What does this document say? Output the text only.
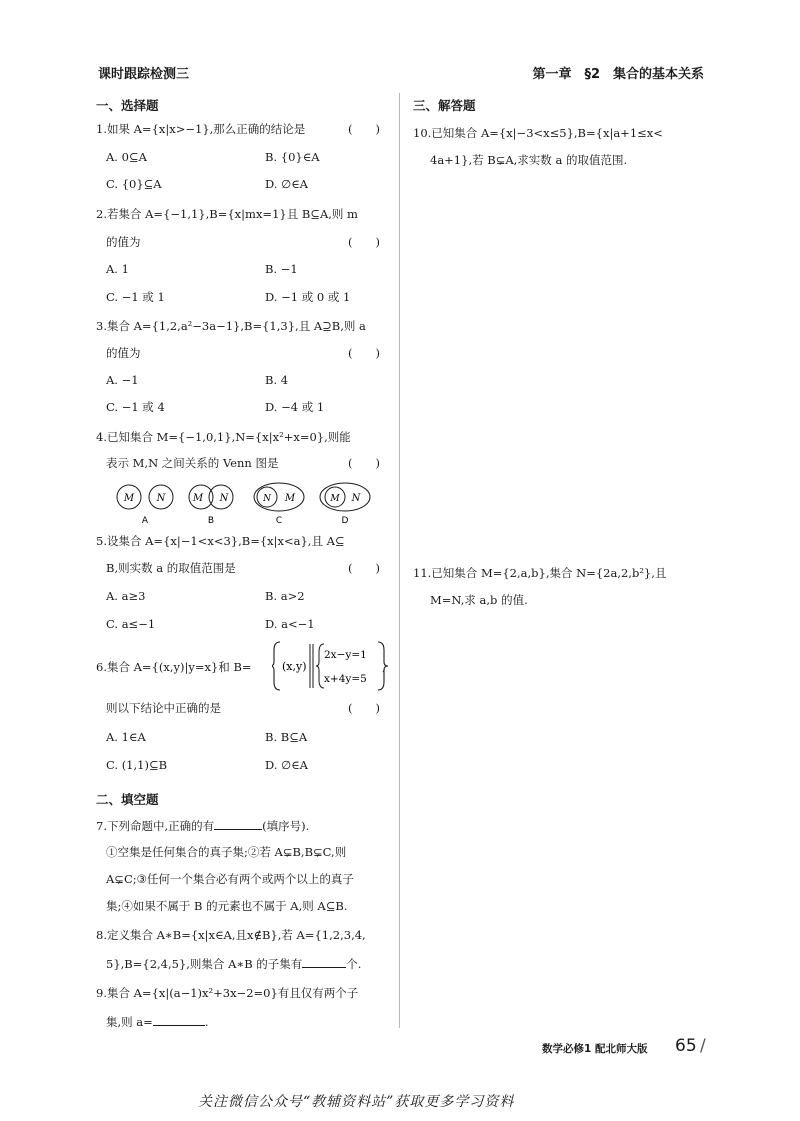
课时跟踪检测三	第一章　§2　集合的基本关系
一、选择题
1.如果 A={x|x>−1},那么正确的结论是	(　　)
A. 0⊆A	B. {0}∈A
C. {0}⊆A	D. ∅∈A
2.若集合 A={−1,1},B={x|mx=1}且 B⊆A,则 m
的值为	(　　)
A. 1	B. −1
C. −1 或 1	D. −1 或 0 或 1
3.集合 A={1,2,a²−3a−1},B={1,3},且 A⊇B,则 a
的值为	(　　)
A. −1	B. 4
C. −1 或 4	D. −4 或 1
4.已知集合 M={−1,0,1},N={x|x²+x=0},则能
表示 M,N 之间关系的 Venn 图是	(　　)
M N
A
M N
B
N M
C
M N
D
5.设集合 A={x|−1<x<3},B={x|x<a},且 A⊆
B,则实数 a 的取值范围是	(　　)
A. a≥3	B. a>2
C. a≤−1	D. a<−1
6.集合 A={(x,y)|y=x}和 B=	(x,y)
2x−y=1
x+4y=5
,
则以下结论中正确的是	(　　)
A. 1∈A	B. B⊆A
C. (1,1)⊆B	D. ∅∈A
二、填空题
7.下列命题中,正确的有	(填序号).
①空集是任何集合的真子集;②若 A⊊B,B⊊C,则
A⊊C;③任何一个集合必有两个或两个以上的真子
集;④如果不属于 B 的元素也不属于 A,则 A⊆B.
8.定义集合 A∗B={x|x∈A,且x∉B},若 A={1,2,3,4,
5},B={2,4,5},则集合 A∗B 的子集有	个.
9.集合 A={x|(a−1)x²+3x−2=0}有且仅有两个子
集,则 a=	.
三、解答题
10.已知集合 A={x|−3<x≤5},B={x|a+1≤x<
4a+1},若 B⊊A,求实数 a 的取值范围.
11.已知集合 M={2,a,b},集合 N={2a,2,b²},且
M=N,求 a,b 的值.
数学必修1 配北师大版 65 /
关注微信公众号“教辅资料站”获取更多学习资料
